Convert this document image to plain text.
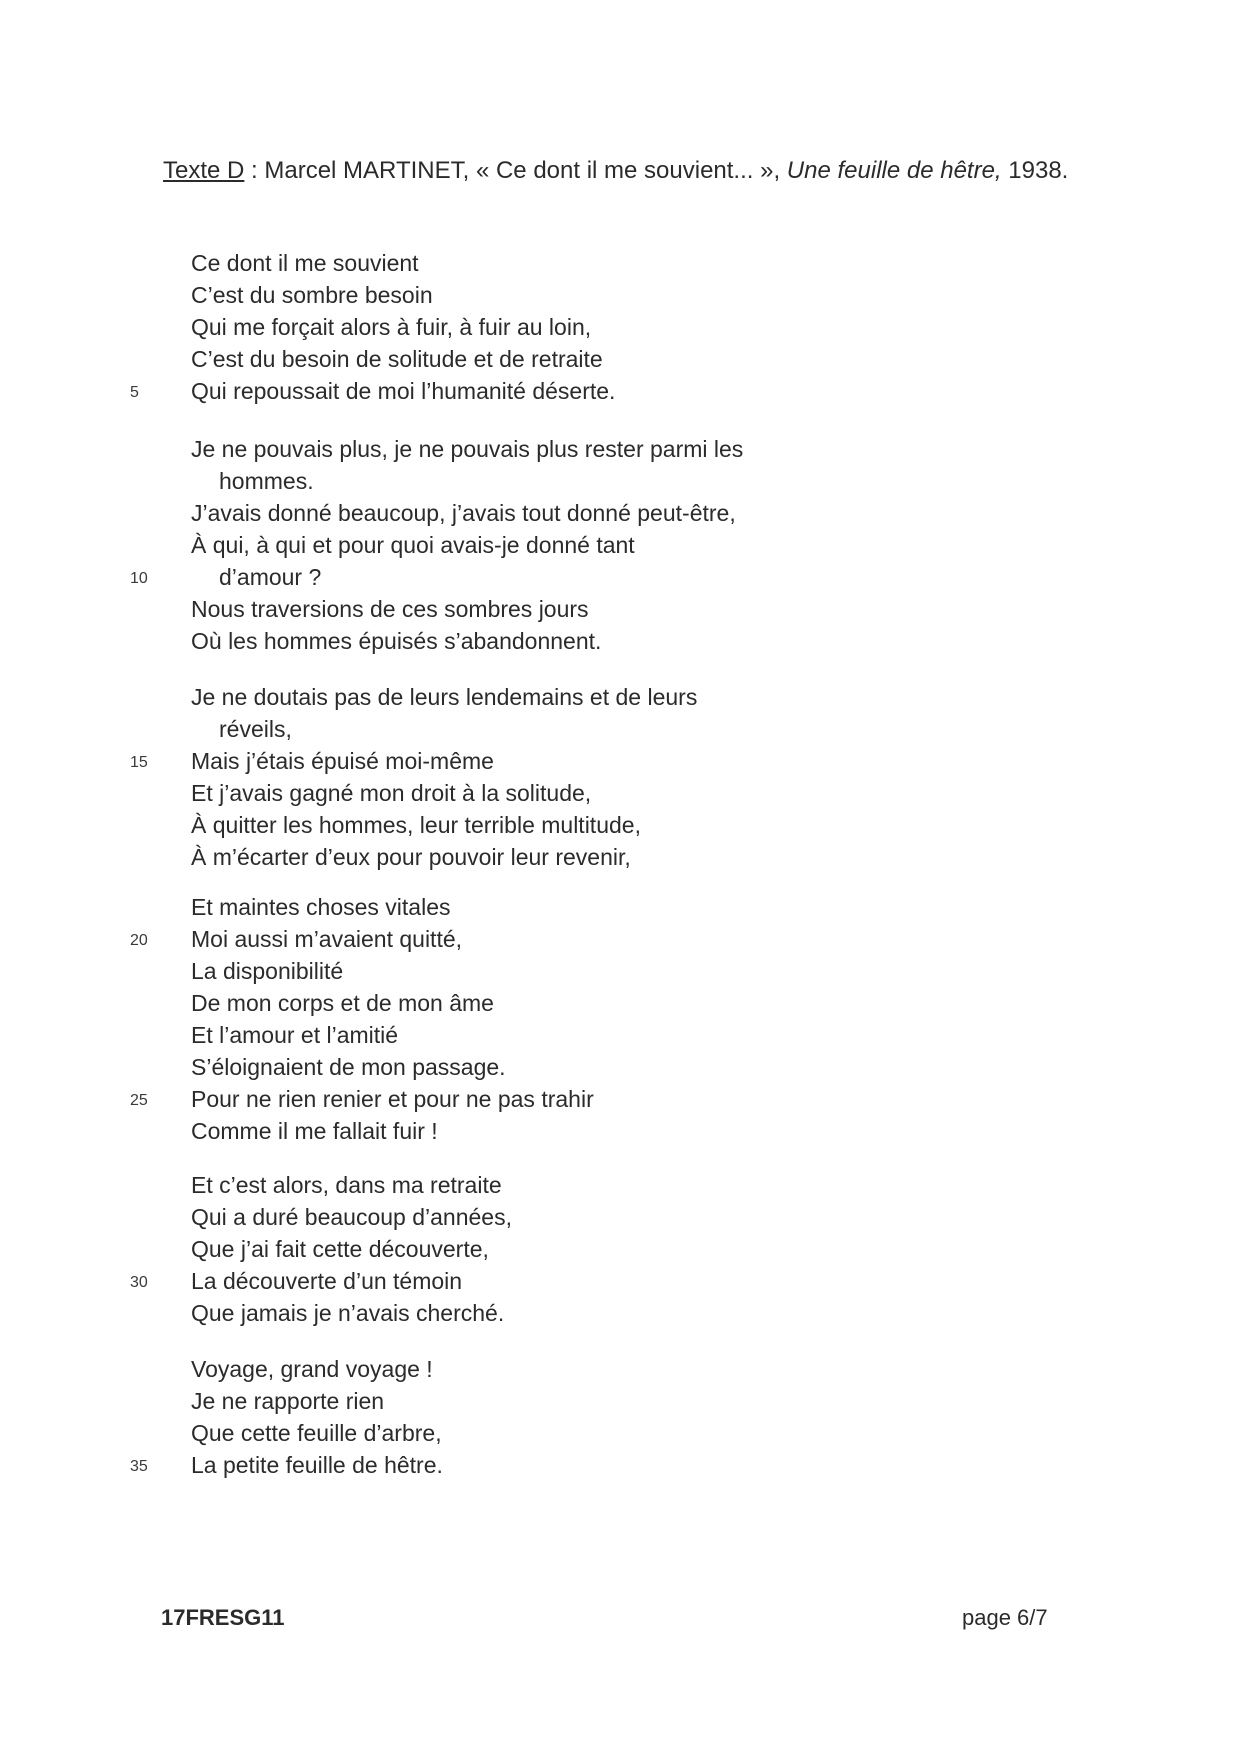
Texte D : Marcel MARTINET, « Ce dont il me souvient... », Une feuille de hêtre, 1938.
Ce dont il me souvient
C’est du sombre besoin
Qui me forçait alors à fuir, à fuir au loin,
C’est du besoin de solitude et de retraite
5	Qui repoussait de moi l’humanité déserte.
Je ne pouvais plus, je ne pouvais plus rester parmi les
hommes.
J’avais donné beaucoup, j’avais tout donné peut-être,
À qui, à qui et pour quoi avais-je donné tant
10	d’amour ?
Nous traversions de ces sombres jours
Où les hommes épuisés s’abandonnent.
Je ne doutais pas de leurs lendemains et de leurs
réveils,
15	Mais j’étais épuisé moi-même
Et j’avais gagné mon droit à la solitude,
À quitter les hommes, leur terrible multitude,
À m’écarter d’eux pour pouvoir leur revenir,
Et maintes choses vitales
20	Moi aussi m’avaient quitté,
La disponibilité
De mon corps et de mon âme
Et l’amour et l’amitié
S’éloignaient de mon passage.
25	Pour ne rien renier et pour ne pas trahir
Comme il me fallait fuir !
Et c’est alors, dans ma retraite
Qui a duré beaucoup d’années,
Que j’ai fait cette découverte,
30	La découverte d’un témoin
Que jamais je n’avais cherché.
Voyage, grand voyage !
Je ne rapporte rien
Que cette feuille d’arbre,
35	La petite feuille de hêtre.
17FRESG11	page 6/7
